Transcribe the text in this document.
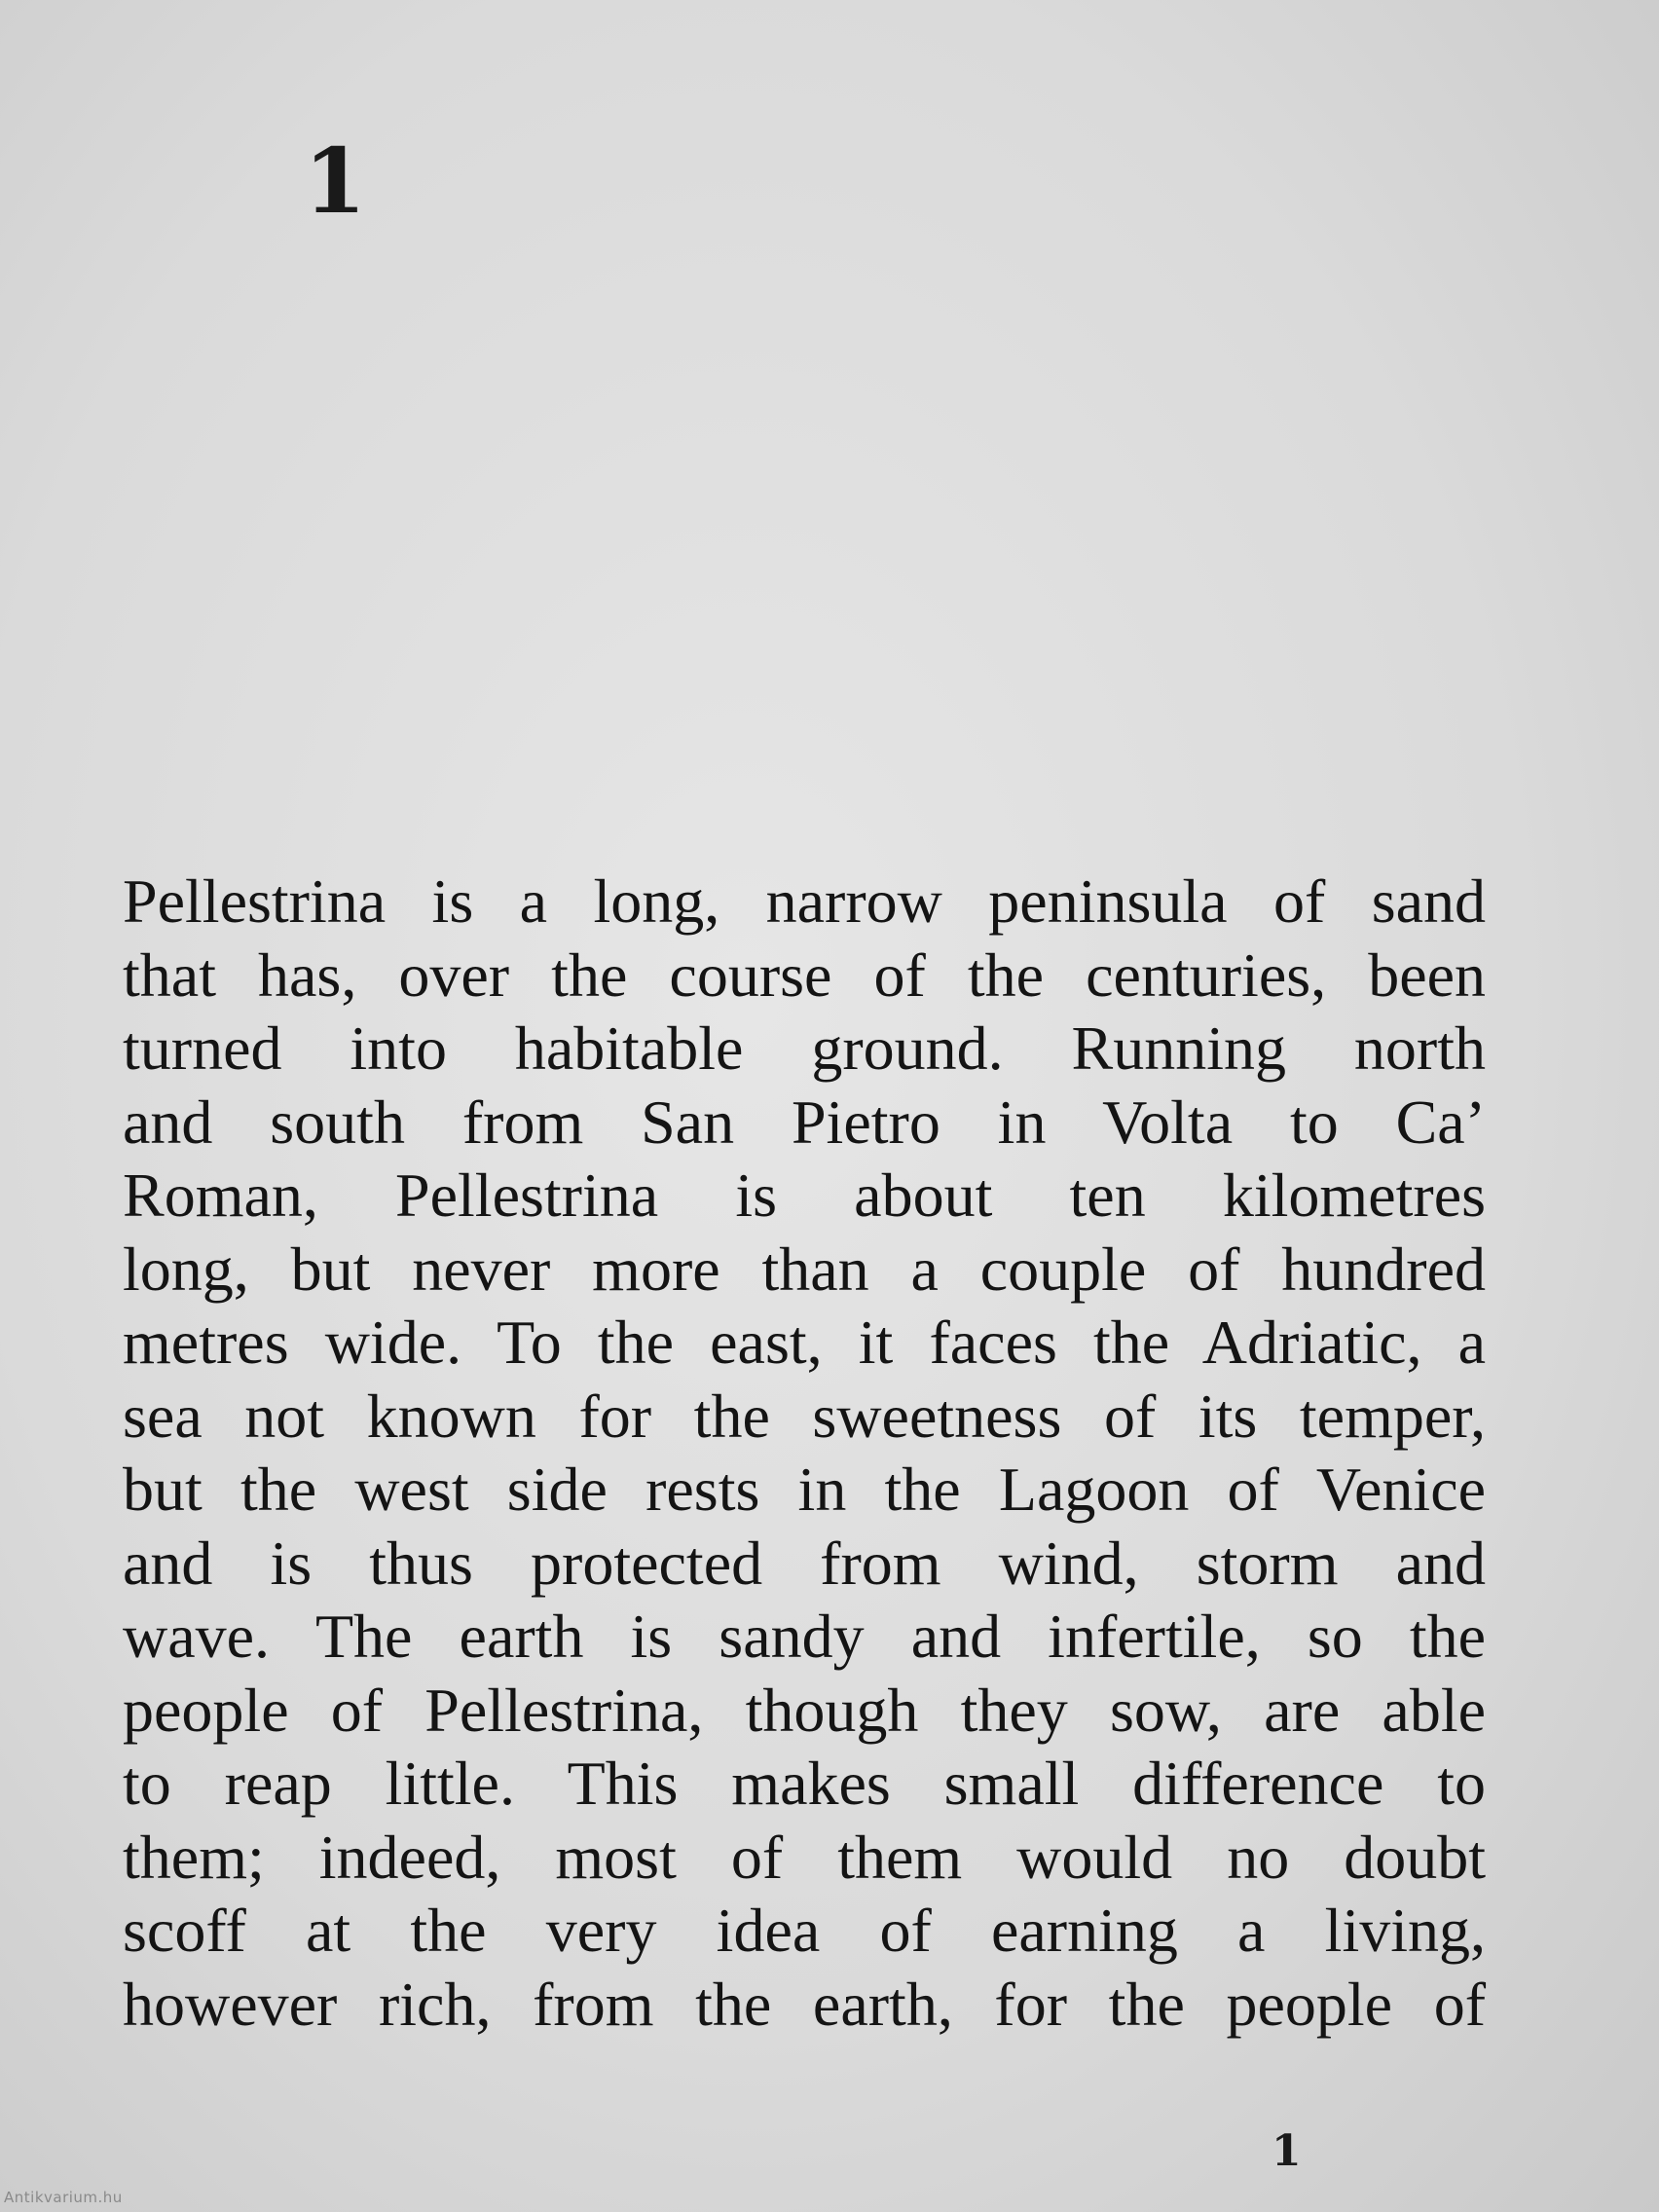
1
Pellestrina is a long, narrow peninsula of sand
that has, over the course of the centuries, been
turned into habitable ground. Running north
and south from San Pietro in Volta to Ca’
Roman, Pellestrina is about ten kilometres
long, but never more than a couple of hundred
metres wide. To the east, it faces the Adriatic, a
sea not known for the sweetness of its temper,
but the west side rests in the Lagoon of Venice
and is thus protected from wind, storm and
wave. The earth is sandy and infertile, so the
people of Pellestrina, though they sow, are able
to reap little. This makes small difference to
them; indeed, most of them would no doubt
scoff at the very idea of earning a living,
however rich, from the earth, for the people of
1
Antikvarium.hu
